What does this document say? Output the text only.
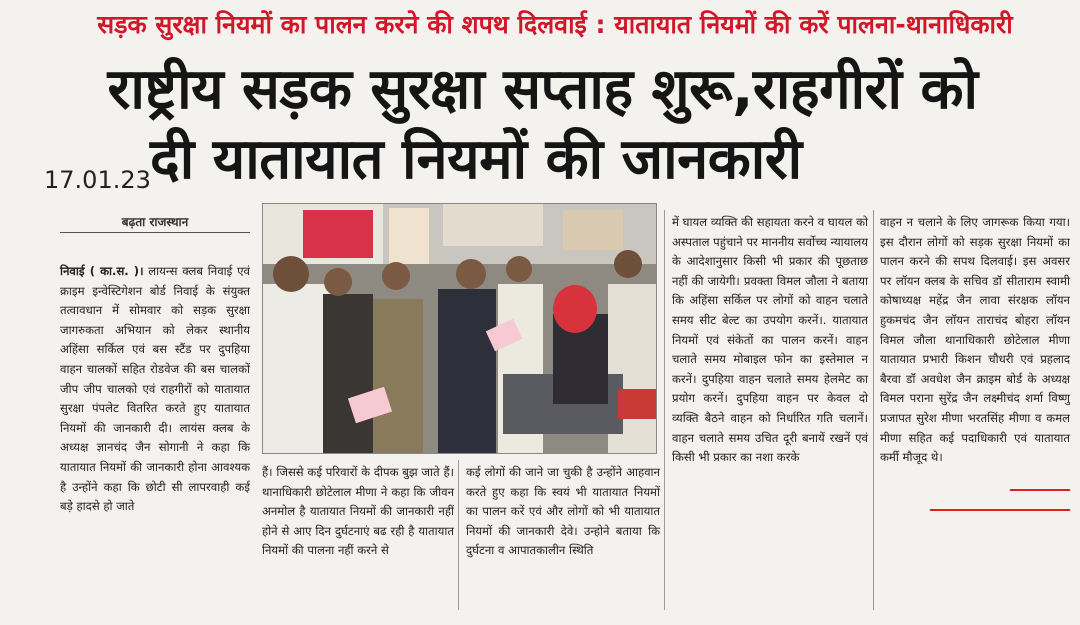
सड़क सुरक्षा नियमों का पालन करने की शपथ दिलवाई : यातायात नियमों की करें पालना-थानाधिकारी
राष्ट्रीय सड़क सुरक्षा सप्ताह शुरू,राहगीरों को
दी यातायात नियमों की जानकारी
17.01.23
बढ़ता राजस्थान

निवाई ( का.स. )। लायन्स क्लब निवाई एवं क्राइम इन्वेस्टिगेशन बोर्ड निवाई के संयुक्त तत्वावधान में सोमवार को सड़क सुरक्षा जागरुकता अभियान को लेकर स्थानीय अहिंसा सर्किल एवं बस स्टैंड पर दुपहिया वाहन चालकों सहित रोडवेज की बस चालकों जीप जीप चालको एवं राहगीरों को यातायात सुरक्षा पंपलेट वितरित करते हुए यातायात नियमों की जानकारी दी। लायंस क्लब के अध्यक्ष ज्ञानचंद जैन सोगानी ने कहा कि यातायात नियमों की जानकारी होना आवश्यक है उन्होंने कहा कि छोटी सी लापरवाही कई बड़े हादसे हो जाते

हैं। जिससे कई परिवारों के दीपक बुझ जाते हैं। थानाधिकारी छोटेलाल मीणा ने कहा कि जीवन अनमोल है यातायात नियमों की जानकारी नहीं होने से आए दिन दुर्घटनाएं बढ रही है यातायात नियमों की पालना नहीं करने से
कई लोगों की जाने जा चुकी है उन्होंने आहवान करते हुए कहा कि स्वयं भी यातायात नियमों का पालन करें एवं और लोगों को भी यातायात नियमों की जानकारी देवे। उन्होने बताया कि दुर्घटना व आपातकालीन स्थिति
में घायल व्यक्ति की सहायता करने व घायल को अस्पताल पहुंचाने पर माननीय सर्वोच्च न्यायालय के आदेशानुसार किसी भी प्रकार की पूछताछ नहीं की जायेगी। प्रवक्ता विमल जौला ने बताया कि अहिंसा सर्किल पर लोगों को वाहन चलाते समय सीट बेल्ट का उपयोग करनें।. यातायात नियमों एवं संकेतों का पालन करनें। वाहन चलाते समय मोबाइल फोन का इस्तेमाल न करनें। दुपहिया वाहन चलाते समय हेलमेट का प्रयोग करनें। दुपहिया वाहन पर केवल दो व्यक्ति बैठने वाहन को निर्धारित गति चलानें। वाहन चलाते समय उचित दूरी बनायें रखनें एवं किसी भी प्रकार का नशा करके
वाहन न चलाने के लिए जागरूक किया गया। इस दौरान लोगों को सड़क सुरक्षा नियमों का पालन करने की सपथ दिलवाई। इस अवसर पर लॉयन क्लब के सचिव डॉ सीताराम स्वामी कोषाध्यक्ष महेंद्र जैन लावा संरक्षक लॉयन हुकमचंद जैन लॉयन ताराचंद बोहरा लॉयन विमल जौला थानाधिकारी छोटेलाल मीणा यातायात प्रभारी किशन चौधरी एवं प्रहलाद बैरवा डॉ अवधेश जैन क्राइम बोर्ड के अध्यक्ष विमल पराना सुरेंद्र जैन लक्ष्मीचंद शर्मा विष्णु प्रजापत सुरेश मीणा भरतसिंह मीणा व कमल मीणा सहित कई पदाधिकारी एवं यातायात कर्मी मौजूद थे।
